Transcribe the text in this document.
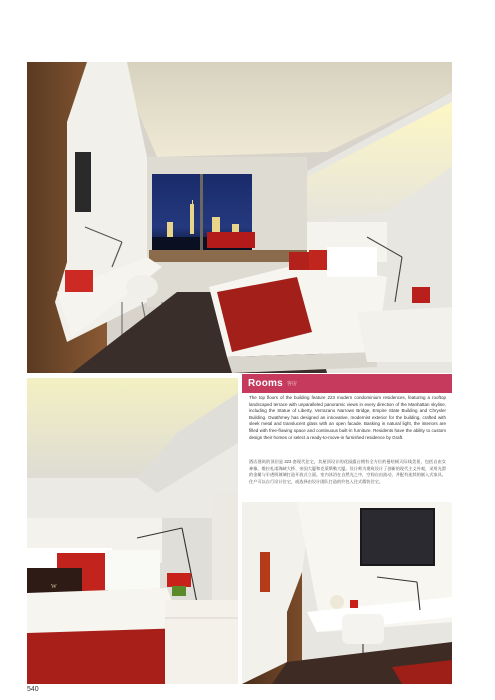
W
Rooms 客房
The top floors of the building feature 223 modern condominium residences, featuring a rooftop landscaped terrace with unparalleled panoramic views in every direction of the Manhattan skyline, including the Statue of Liberty, Verrazano Narrows Bridge, Empire State Building and Chrysler Building. Gwathmey has designed an innovative, modernist exterior for the building, crafted with sleek metal and translucent glass with an open facade. Basking in natural light, the interiors are filled with free-flowing space and continuous built-in furniture. Residents have the ability to custom design their homes or select a ready-to-move-in furnished residence by Graft.
酒店建筑的顶层是 223 套现代住宅，其屋顶设计的花园露台拥有全方位的曼哈顿天际线美景，包括自由女神像、维拉札诺海峡大桥、帝国大厦和克莱斯勒大厦。设计师为建筑设计了创新的现代主义外观，采用光滑的金属与半透明玻璃打造开放式立面。室内沐浴在自然光之中，空间自由流动，并配有连续的嵌入式家具。住户可以自行设计住宅，或选择由设计团队打造的拎包入住式精装住宅。
540
